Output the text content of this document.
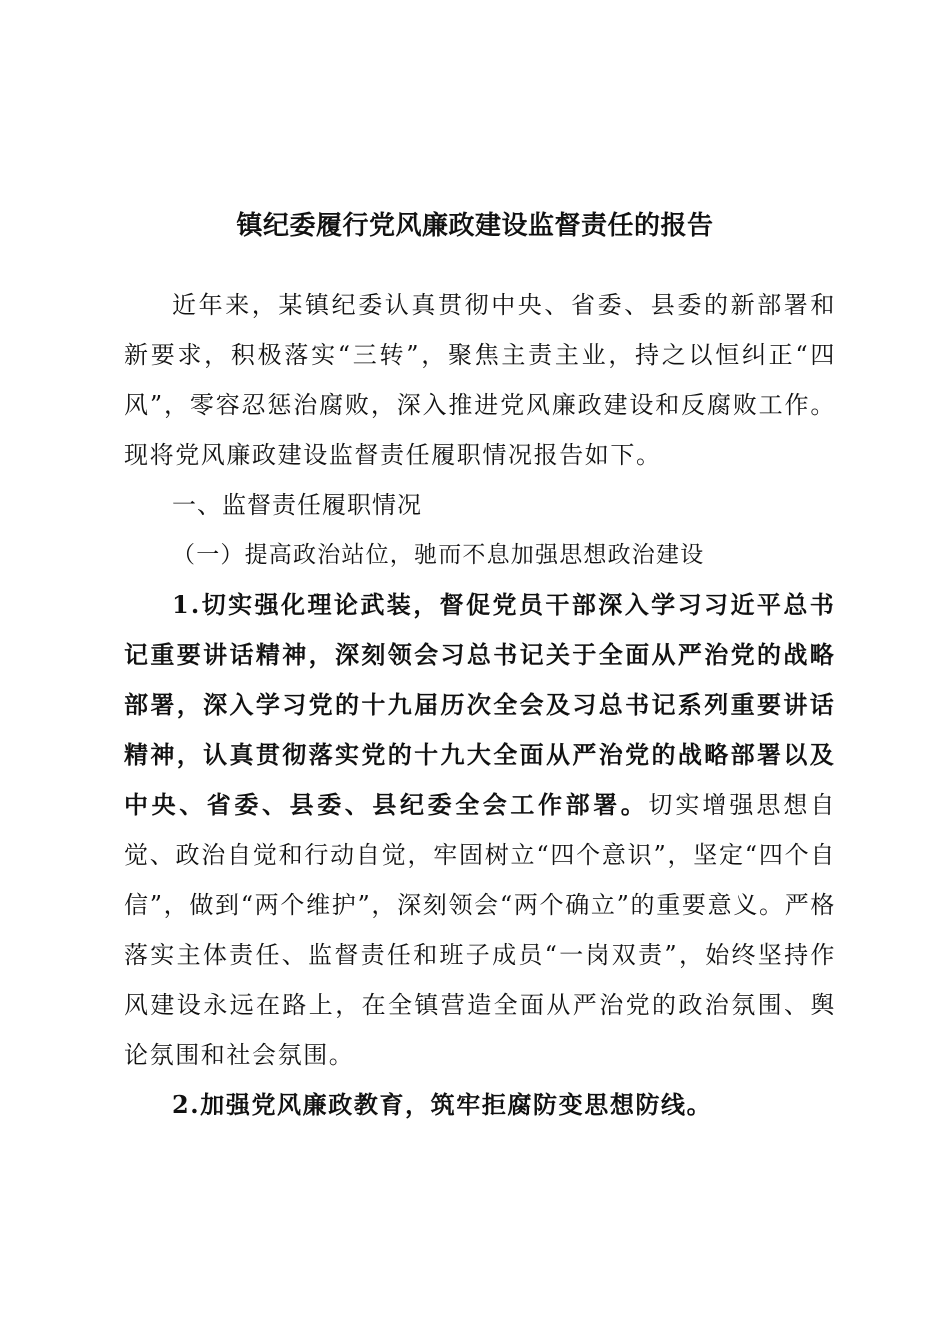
镇纪委履行党风廉政建设监督责任的报告

近年来，某镇纪委认真贯彻中央、省委、县委的新部署和新要求，积极落实“三转”，聚焦主责主业，持之以恒纠正“四风”，零容忍惩治腐败，深入推进党风廉政建设和反腐败工作。现将党风廉政建设监督责任履职情况报告如下。

一、监督责任履职情况

（一）提高政治站位，驰而不息加强思想政治建设

1.切实强化理论武装，督促党员干部深入学习习近平总书记重要讲话精神，深刻领会习总书记关于全面从严治党的战略部署，深入学习党的十九届历次全会及习总书记系列重要讲话精神，认真贯彻落实党的十九大全面从严治党的战略部署以及中央、省委、县委、县纪委全会工作部署。切实增强思想自觉、政治自觉和行动自觉，牢固树立“四个意识”，坚定“四个自信”，做到“两个维护”，深刻领会“两个确立”的重要意义。严格落实主体责任、监督责任和班子成员“一岗双责”，始终坚持作风建设永远在路上，在全镇营造全面从严治党的政治氛围、舆论氛围和社会氛围。

2.加强党风廉政教育，筑牢拒腐防变思想防线。
